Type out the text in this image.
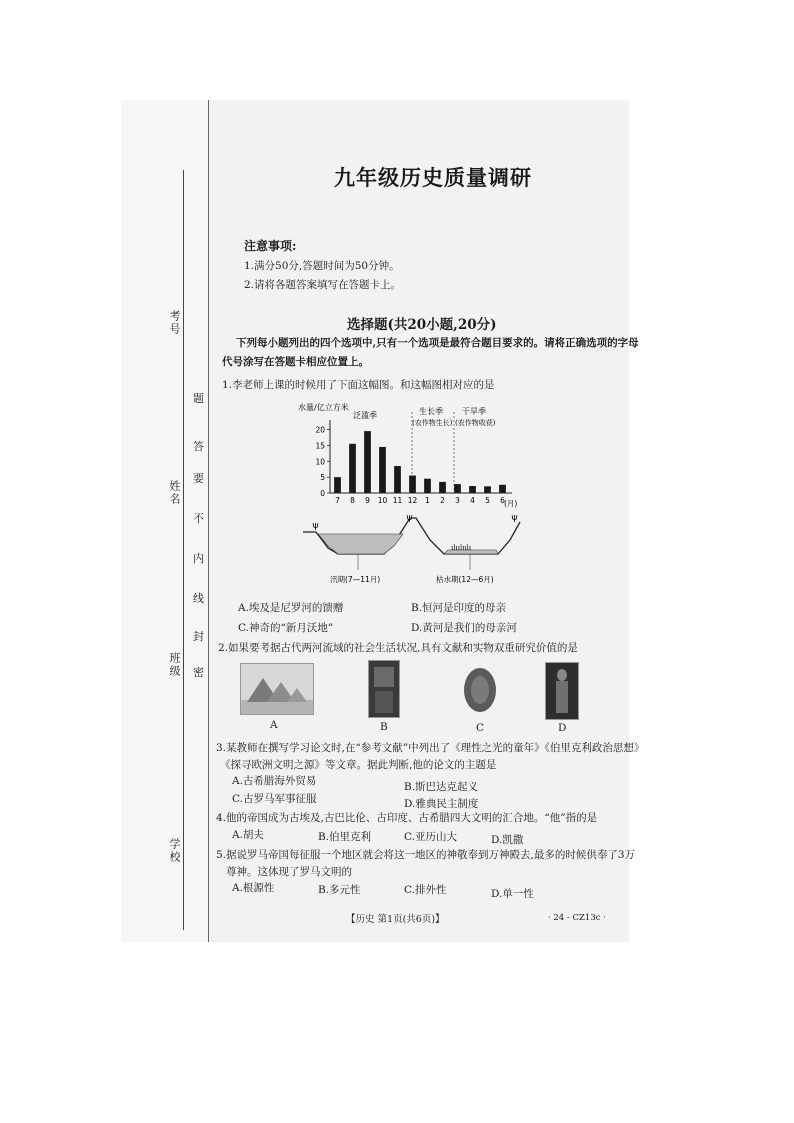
考号
姓名
班级
学校
题
答
要
不
内
线
封
密
九年级历史质量调研
注意事项:
1.满分50分,答题时间为50分钟。
2.请将各题答案填写在答题卡上。
选择题(共20小题,20分)
下列每小题列出的四个选项中,只有一个选项是最符合题目要求的。请将正确选项的字母
代号涂写在答题卡相应位置上。
1.李老师上课的时候用了下面这幅图。和这幅图相对应的是
水量/亿立方米
泛滥季	生长季
(农作物生长)
干旱季
(农作物收获)
0
5
10
15
20
7 8 9 10 11 12 1 2 3 4 5 6 (月)
ψ
ψ	ψ
ılıılıılı
汛期(7—11月)	枯水期(12—6月)
A.埃及是尼罗河的馈赠	B.恒河是印度的母亲
C.神奇的“新月沃地”	D.黄河是我们的母亲河
2.如果要考据古代两河流域的社会生活状况,具有文献和实物双重研究价值的是
A	B	C	D
3.某教师在撰写学习论文时,在“参考文献”中列出了《理性之光的童年》《伯里克利政治思想》
《探寻欧洲文明之源》等文章。据此判断,他的论文的主题是
A.古希腊海外贸易	B.斯巴达克起义
C.古罗马军事征服	D.雅典民主制度
4.他的帝国成为古埃及,古巴比伦、古印度、古希腊四大文明的汇合地。“他”指的是
A.胡夫	B.伯里克利	C.亚历山大	D.凯撒
5.据说罗马帝国每征服一个地区就会将这一地区的神敬奉到万神殿去,最多的时候供奉了3万
尊神。这体现了罗马文明的
A.根源性	B.多元性	C.排外性	D.单一性
【历史 第1页(共6页)】	· 24 - CZ13c ·
